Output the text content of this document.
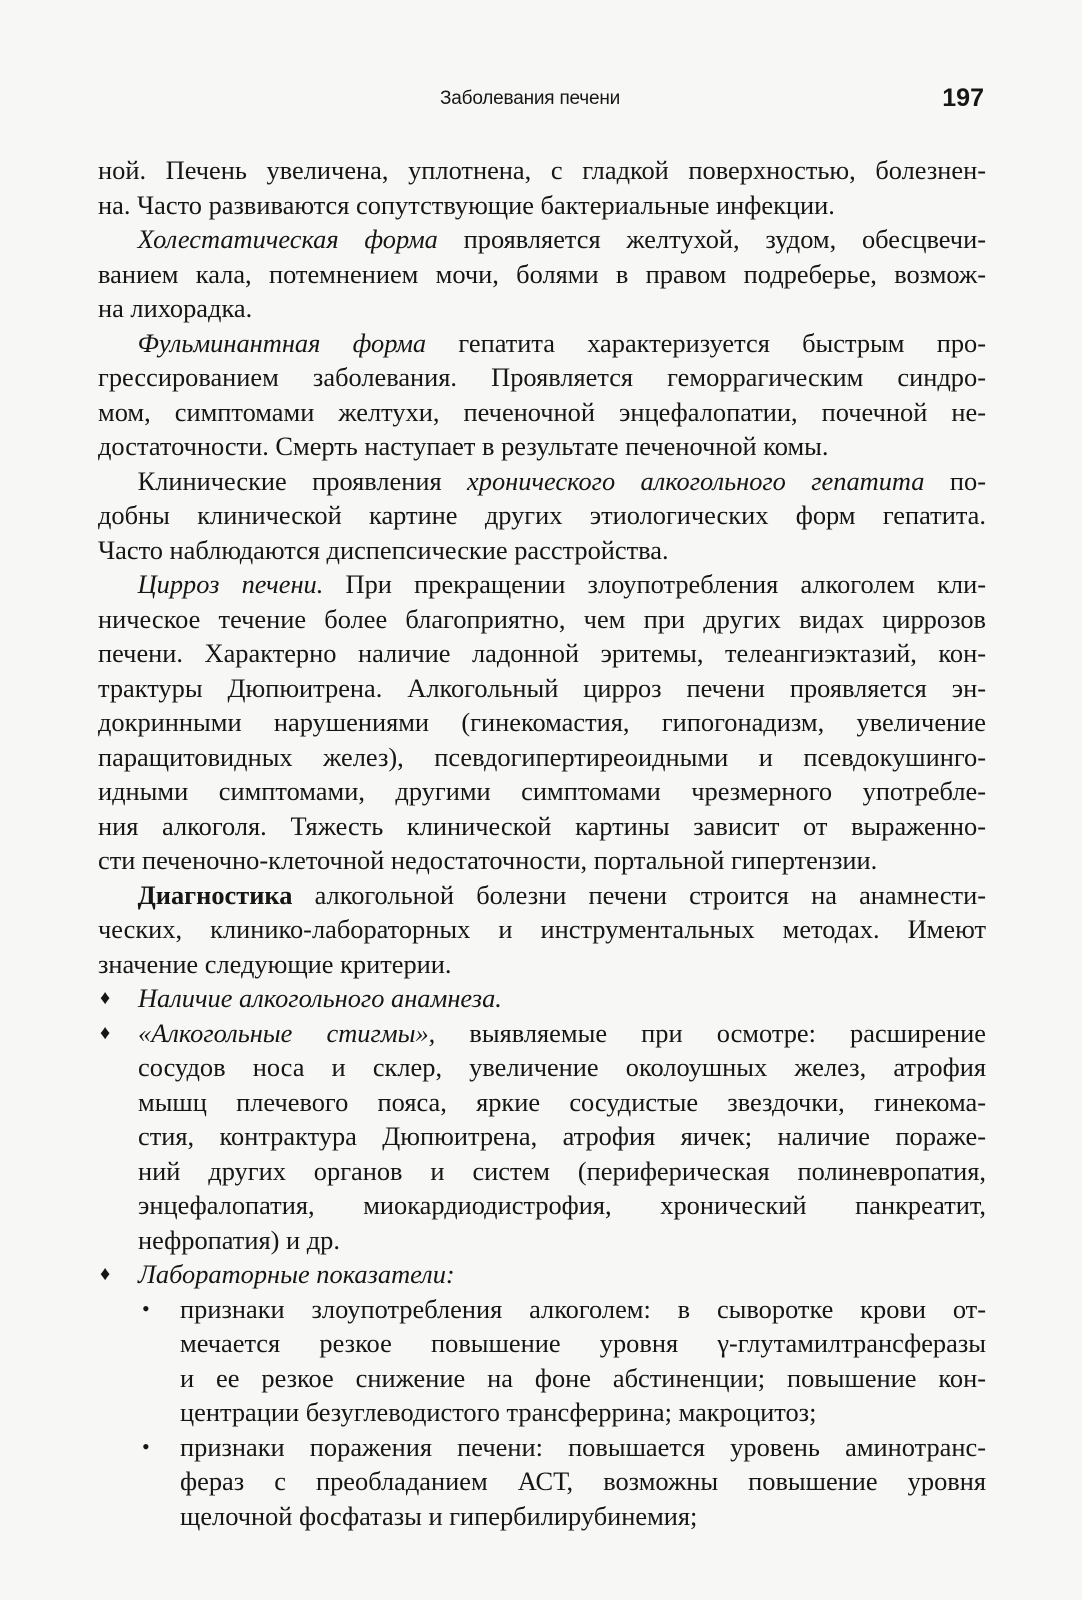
Заболевания печени	197

ной. Печень увеличена, уплотнена, с гладкой поверхностью, болезнен-
на. Часто развиваются сопутствующие бактериальные инфекции.

  Холестатическая форма проявляется желтухой, зудом, обесцвечи-
ванием кала, потемнением мочи, болями в правом подреберье, возмож-
на лихорадка.

  Фульминантная форма гепатита характеризуется быстрым про-
грессированием заболевания. Проявляется геморрагическим синдро-
мом, симптомами желтухи, печеночной энцефалопатии, почечной не-
достаточности. Смерть наступает в результате печеночной комы.

  Клинические проявления хронического алкогольного гепатита по-
добны клинической картине других этиологических форм гепатита.
Часто наблюдаются диспепсические расстройства.

  Цирроз печени. При прекращении злоупотребления алкоголем кли-
ническое течение более благоприятно, чем при других видах циррозов
печени. Характерно наличие ладонной эритемы, телеангиэктазий, кон-
трактуры Дюпюитрена. Алкогольный цирроз печени проявляется эн-
докринными нарушениями (гинекомастия, гипогонадизм, увеличение
паращитовидных желез), псевдогипертиреоидными и псевдокушинго-
идными симптомами, другими симптомами чрезмерного употребле-
ния алкоголя. Тяжесть клинической картины зависит от выраженно-
сти печеночно-клеточной недостаточности, портальной гипертензии.

  Диагностика алкогольной болезни печени строится на анамнести-
ческих, клинико-лабораторных и инструментальных методах. Имеют
значение следующие критерии.

♦ Наличие алкогольного анамнеза.
♦ «Алкогольные стигмы», выявляемые при осмотре: расширение
сосудов носа и склер, увеличение околоушных желез, атрофия
мышц плечевого пояса, яркие сосудистые звездочки, гинекома-
стия, контрактура Дюпюитрена, атрофия яичек; наличие пораже-
ний других органов и систем (периферическая полиневропатия,
энцефалопатия, миокардиодистрофия, хронический панкреатит,
нефропатия) и др.
♦ Лабораторные показатели:
• признаки злоупотребления алкоголем: в сыворотке крови от-
мечается резкое повышение уровня γ-глутамилтрансферазы
и ее резкое снижение на фоне абстиненции; повышение кон-
центрации безуглеводистого трансферрина; макроцитоз;
• признаки поражения печени: повышается уровень аминотранс-
фераз с преобладанием АСТ, возможны повышение уровня
щелочной фосфатазы и гипербилирубинемия;
